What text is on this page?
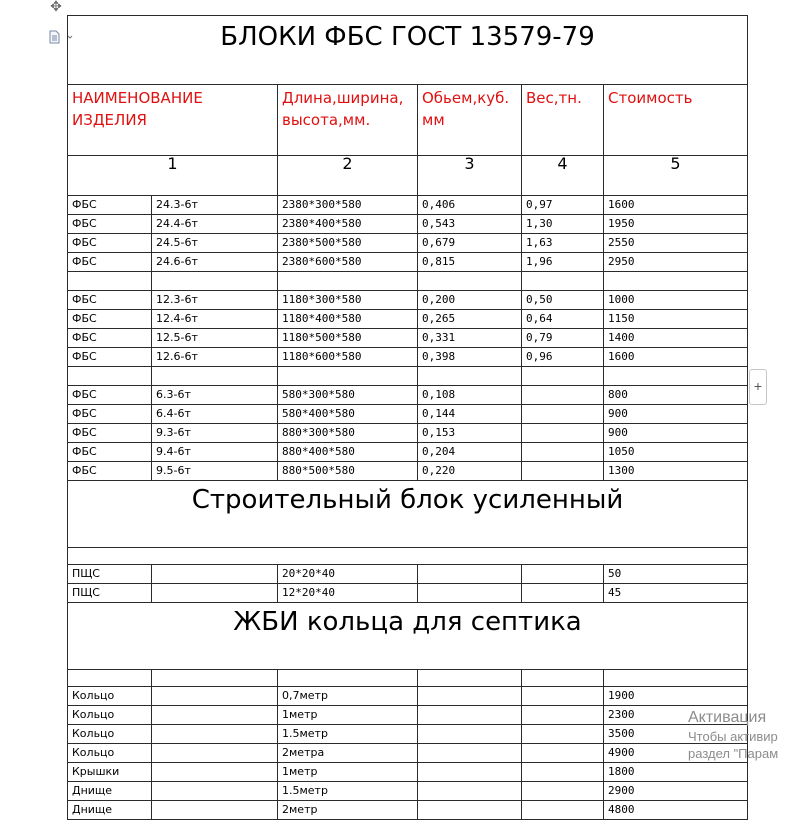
✥
БЛОКИ ФБС ГОСТ 13579-79					

НАИМЕНОВАНИЕ ИЗДЕЛИЯ		Длина,ширина, высота,мм.	Обьем,куб. мм	Вес,тн.	Стоимость

1		2	3	4	5
ФБС	24.3-6т	2380*300*580	0,406	0,97	1600
ФБС	24.4-6т	2380*400*580	0,543	1,30	1950
ФБС	24.5-6т	2380*500*580	0,679	1,63	2550
ФБС	24.6-6т	2380*600*580	0,815	1,96	2950

ФБС	12.3-6т	1180*300*580	0,200	0,50	1000
ФБС	12.4-6т	1180*400*580	0,265	0,64	1150
ФБС	12.5-6т	1180*500*580	0,331	0,79	1400
ФБС	12.6-6т	1180*600*580	0,398	0,96	1600

ФБС	6.3-6т	580*300*580	0,108		800
ФБС	6.4-6т	580*400*580	0,144		900
ФБС	9.3-6т	880*300*580	0,153		900
ФБС	9.4-6т	880*400*580	0,204		1050
ФБС	9.5-6т	880*500*580	0,220		1300
Строительный блок усиленный					

ПЩС		20*20*40			50
ПЩС		12*20*40			45
ЖБИ кольца для септика					

Кольцо		0,7метр			1900
Кольцо		1метр			2300
Кольцо		1.5метр			3500
Кольцо		2метра			4900
Крышки		1метр			1800
Днище		1.5метр			2900
Днище		2метр			4800
+
Активация
Чтобы активир
раздел "Парам
